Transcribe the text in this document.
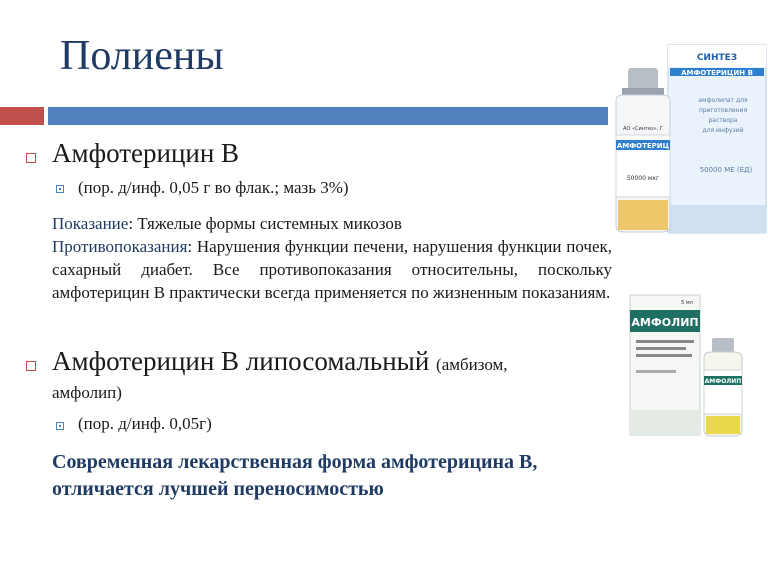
Полиены
Амфотерицин В
(пор. д/инф. 0,05 г во флак.; мазь 3%)
Показание: Тяжелые формы системных микозов
Противопоказания: Нарушения функции печени, нарушения функции почек, сахарный диабет. Все противопоказания относительны, поскольку амфотерицин В практически всегда применяется по жизненным показаниям.
Амфотерицин В липосомальный (амбизом,
амфолип)
(пор. д/инф. 0,05г)
Современная лекарственная форма амфотерицина В, отличается лучшей переносимостью
СИНТЕЗ
АМФОТЕРИЦИН В
амфолипат для
приготовления
раствора
для инфузий
50000 МЕ (ЕД)
АМФОТЕРИЦ
АО «Синтез», Г
50000 мкг
АМФОЛИП
5 мл
АМФОЛИП
